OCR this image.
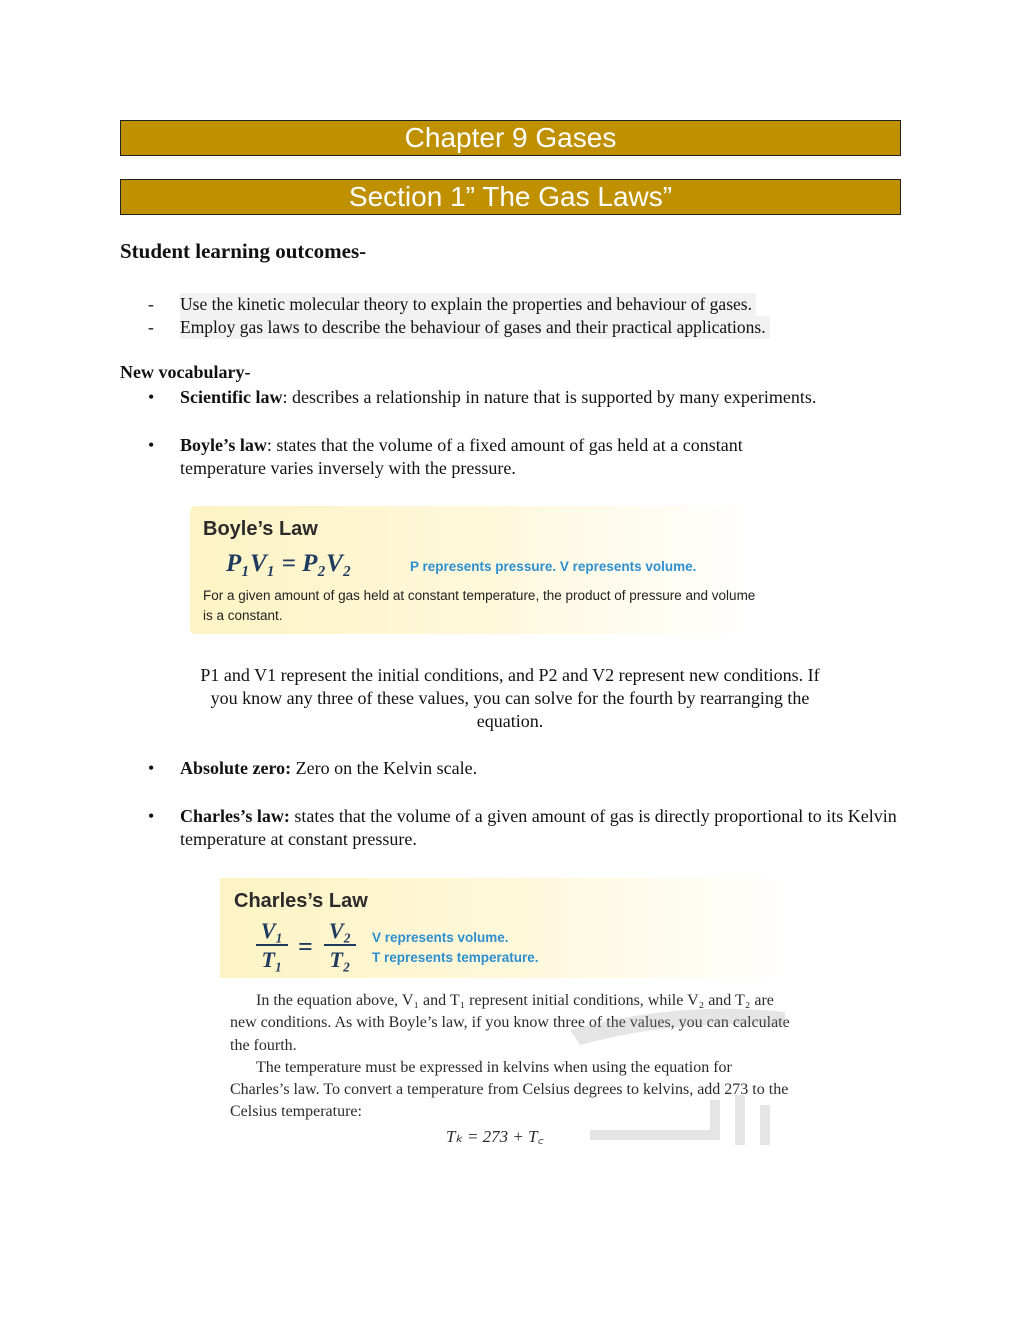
Chapter 9 Gases
Section 1” The Gas Laws”
Student learning outcomes-
- Use the kinetic molecular theory to explain the properties and behaviour of gases.
- Employ gas laws to describe the behaviour of gases and their practical applications.
New vocabulary-
• Scientific law: describes a relationship in nature that is supported by many experiments.
• Boyle’s law: states that the volume of a fixed amount of gas held at a constant temperature varies inversely with the pressure.
Boyle’s Law
P₁V₁ = P₂V₂	P represents pressure. V represents volume.
For a given amount of gas held at constant temperature, the product of pressure and volume is a constant.
P1 and V1 represent the initial conditions, and P2 and V2 represent new conditions. If you know any three of these values, you can solve for the fourth by rearranging the equation.
• Absolute zero: Zero on the Kelvin scale.
• Charles’s law: states that the volume of a given amount of gas is directly proportional to its Kelvin temperature at constant pressure.
Charles’s Law
$\frac{\text{V₁}}{\text{T₁}} = \frac{\text{V₂}}{\text{T₂}}$ V represents volume.
T represents temperature.
In the equation above, V₁ and T₁ represent initial conditions, while V₂ and T₂ are new conditions. As with Boyle’s law, if you know three of the values, you can calculate the fourth.
The temperature must be expressed in kelvins when using the equation for Charles’s law. To convert a temperature from Celsius degrees to kelvins, add 273 to the Celsius temperature:
Tₖ = 273 + T꜀
